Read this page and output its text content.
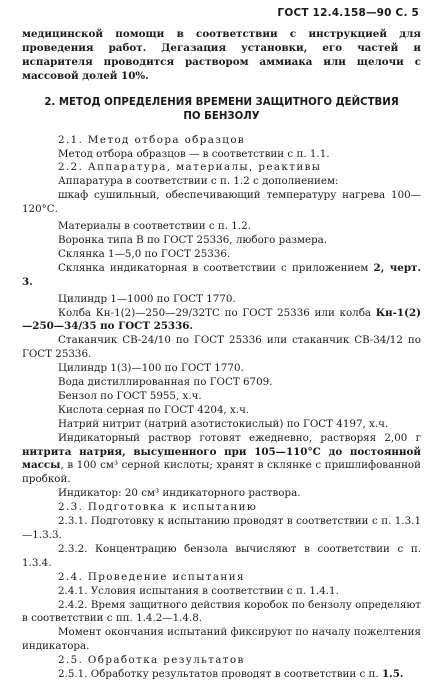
ГОСТ 12.4.158—90 С. 5

медицинской помощи в соответствии с инструкцией для проведения работ. Дегазация установки, его частей и испарителя проводится раствором аммиака или щелочи с массовой долей 10%.

2. МЕТОД ОПРЕДЕЛЕНИЯ ВРЕМЕНИ ЗАЩИТНОГО ДЕЙСТВИЯ
ПО БЕНЗОЛУ

2.1. Метод отбора образцов

Метод отбора образцов — в соответствии с п. 1.1.

2.2. Аппаратура, материалы, реактивы

Аппаратура в соответствии с п. 1.2 с дополнением:

шкаф сушильный, обеспечивающий температуру нагрева 100—120°С.

Материалы в соответствии с п. 1.2.

Воронка типа В по ГОСТ 25336, любого размера.

Склянка 1—5,0 по ГОСТ 25336.

Склянка индикаторная в соответствии с приложением 2, черт. 3.

Цилиндр 1—1000 по ГОСТ 1770.

Колба Кн-1(2)—250—29/32ТС по ГОСТ 25336 или колба Кн-1(2)—250—34/35 по ГОСТ 25336.

Стаканчик СВ-24/10 по ГОСТ 25336 или стаканчик СВ-34/12 по ГОСТ 25336.

Цилиндр 1(3)—100 по ГОСТ 1770.

Вода дистиллированная по ГОСТ 6709.

Бензол по ГОСТ 5955, х.ч.

Кислота серная по ГОСТ 4204, х.ч.

Натрий нитрит (натрий азотистокислый) по ГОСТ 4197, х.ч.

Индикаторный раствор готовят ежедневно, растворяя 2,00 г нитрита натрия, высушенного при 105—110°С до постоянной массы, в 100 см³ серной кислоты; хранят в склянке с пришлифованной пробкой.

Индикатор: 20 см³ индикаторного раствора.

2.3. Подготовка к испытанию

2.3.1. Подготовку к испытанию проводят в соответствии с п. 1.3.1—1.3.3.

2.3.2. Концентрацию бензола вычисляют в соответствии с п. 1.3.4.

2.4. Проведение испытания

2.4.1. Условия испытания в соответствии с п. 1.4.1.

2.4.2. Время защитного действия коробок по бензолу определяют в соответствии с пп. 1.4.2—1.4.8.

Момент окончания испытаний фиксируют по началу пожелтения индикатора.

2.5. Обработка результатов

2.5.1. Обработку результатов проводят в соответствии с п. 1.5.
